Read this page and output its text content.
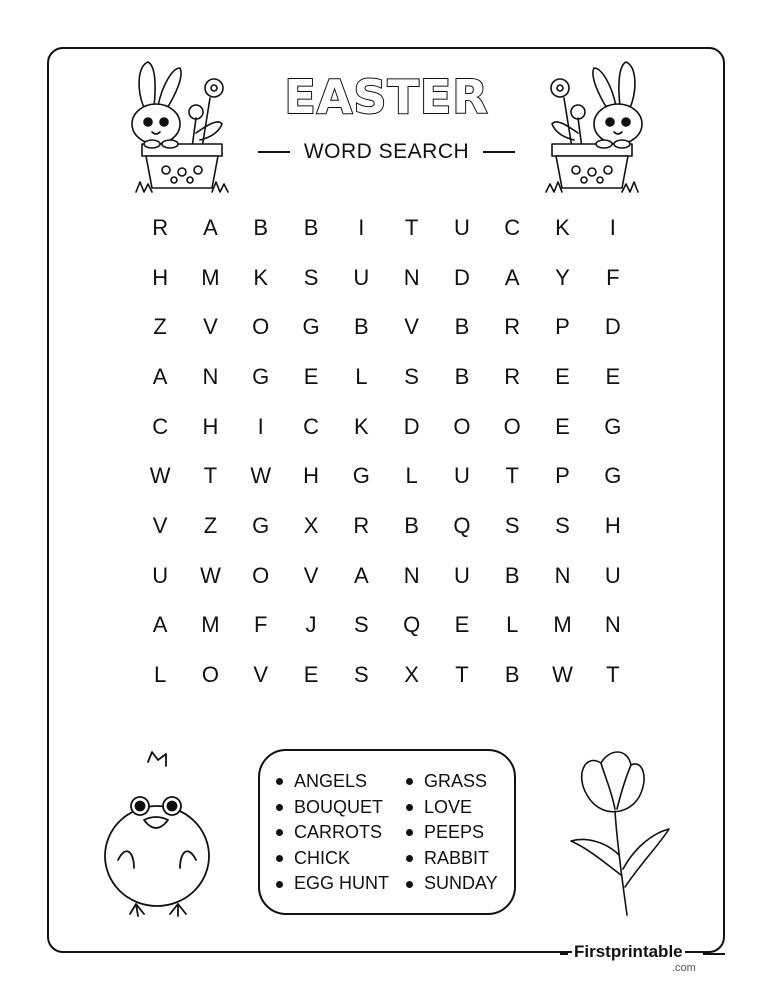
EASTER
WORD SEARCH
R	A	B	B	I	T	U	C	K	I
H	M	K	S	U	N	D	A	Y	F
Z	V	O	G	B	V	B	R	P	D
A	N	G	E	L	S	B	R	E	E
C	H	I	C	K	D	O	O	E	G
W	T	W	H	G	L	U	T	P	G
V	Z	G	X	R	B	Q	S	S	H
U	W	O	V	A	N	U	B	N	U
A	M	F	J	S	Q	E	L	M	N
L	O	V	E	S	X	T	B	W	T
ANGELS
BOUQUET
CARROTS
CHICK
EGG HUNT
GRASS
LOVE
PEEPS
RABBIT
SUNDAY
Firstprintable
.com
